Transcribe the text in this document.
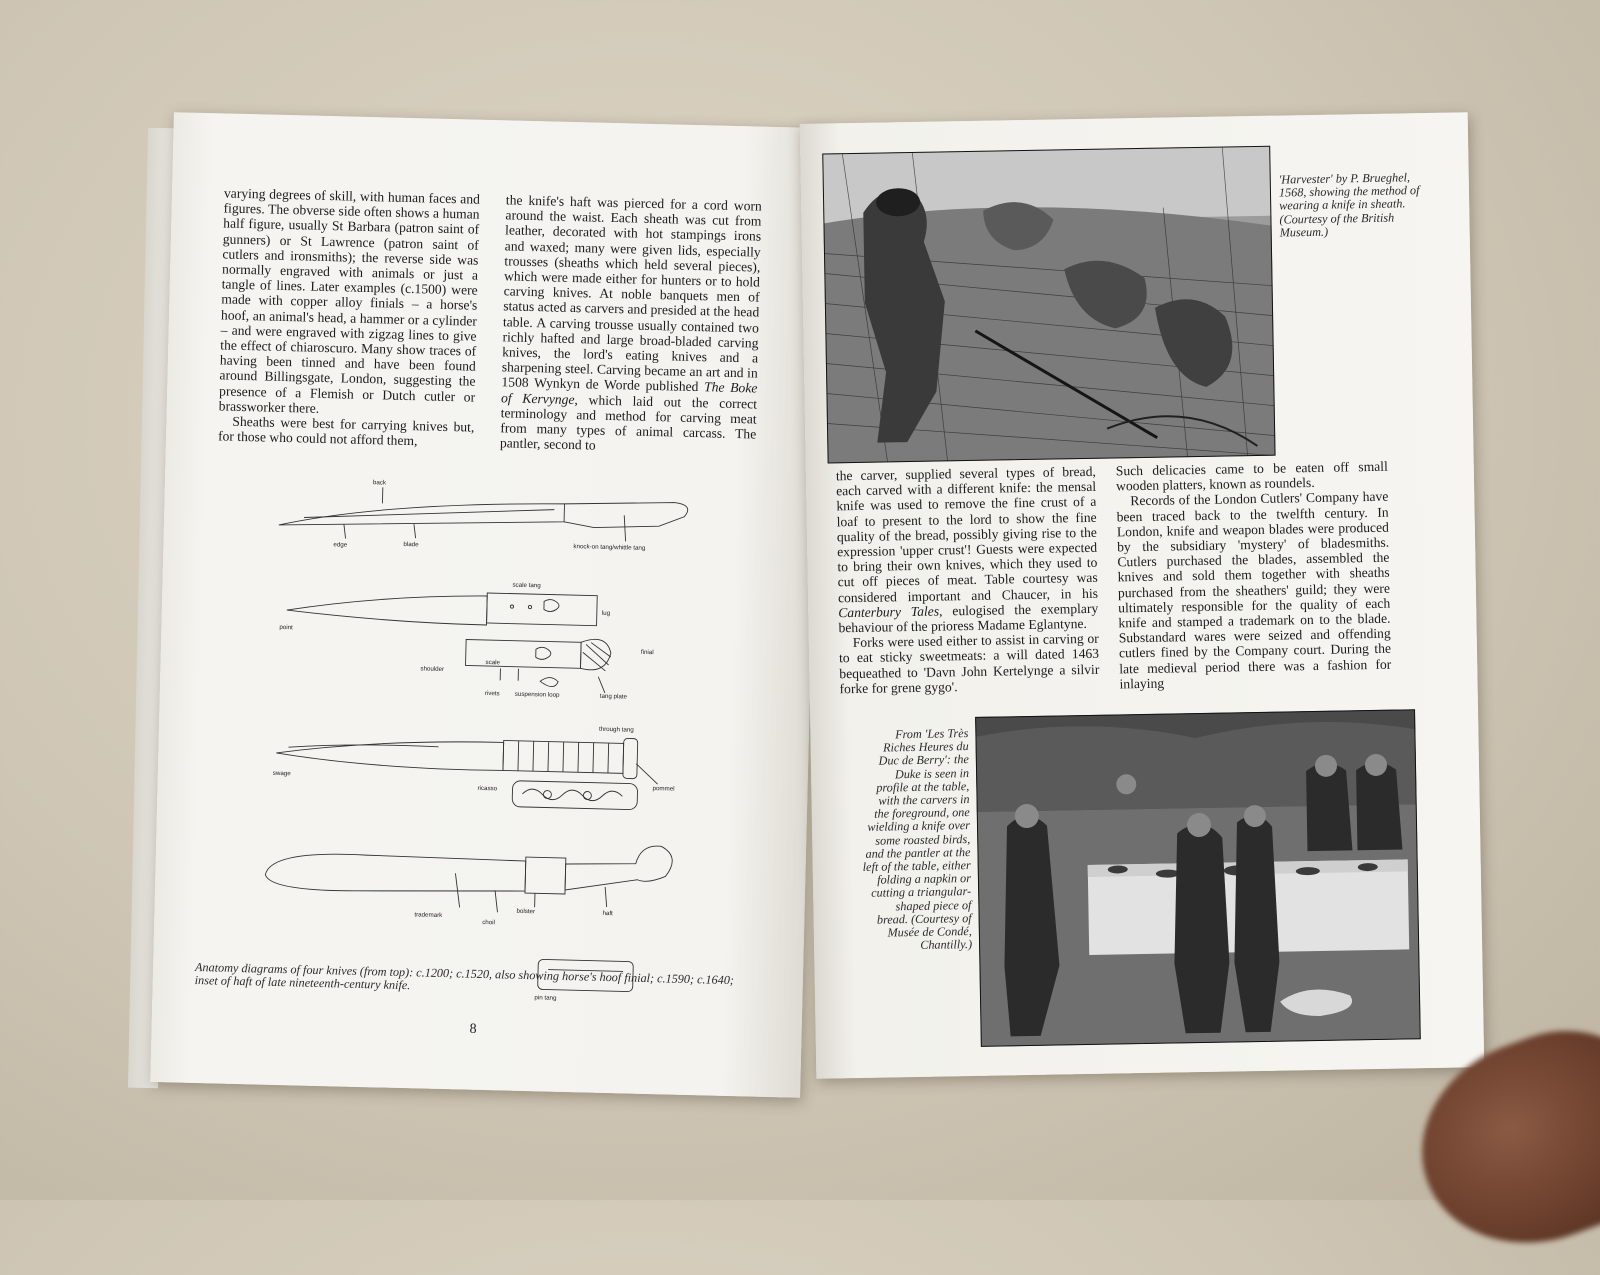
varying degrees of skill, with human faces and figures. The obverse side often shows a human half figure, usually St Barbara (patron saint of gunners) or St Lawrence (patron saint of cutlers and ironsmiths); the reverse side was normally engraved with animals or just a tangle of lines. Later examples (c.1500) were made with copper alloy finials – a horse's hoof, an animal's head, a hammer or a cylinder – and were engraved with zigzag lines to give the effect of chiaroscuro. Many show traces of having been tinned and have been found around Billingsgate, London, suggesting the presence of a Flemish or Dutch cutler or brassworker there.

Sheaths were best for carrying knives but, for those who could not afford them,

the knife's haft was pierced for a cord worn around the waist. Each sheath was cut from leather, decorated with hot stampings irons and waxed; many were given lids, especially trousses (sheaths which held several pieces), which were made either for hunters or to hold carving knives. At noble banquets men of status acted as carvers and presided at the head table. A carving trousse usually contained two richly hafted and large broad-bladed carving knives, the lord's eating knives and a sharpening steel. Carving became an art and in 1508 Wynkyn de Worde published The Boke of Kervynge, which laid out the correct terminology and method for carving meat from many types of animal carcass. The pantler, second to

back
edge	blade	knock-on tang/whittle tang
scale tang
lug
point
finial
shoulder
scale
rivets suspension loop	tang plate
through tang
swage
ricasso	pommel
trademark
choil
bolster	haft
pin tang
Anatomy diagrams of four knives (from top): c.1200; c.1520, also showing horse's hoof finial; c.1590; c.1640; inset of haft of late nineteenth-century knife.
8
'Harvester' by P. Brueghel, 1568, showing the method of wearing a knife in sheath. (Courtesy of the British Museum.)

the carver, supplied several types of bread, each carved with a different knife: the mensal knife was used to remove the fine crust of a loaf to present to the lord to show the fine quality of the bread, possibly giving rise to the expression 'upper crust'! Guests were expected to bring their own knives, which they used to cut off pieces of meat. Table courtesy was considered important and Chaucer, in his Canterbury Tales, eulogised the exemplary behaviour of the prioress Madame Eglantyne.

Forks were used either to assist in carving or to eat sticky sweetmeats: a will dated 1463 bequeathed to 'Davn John Kertelynge a silvir forke for grene gygo'.

Such delicacies came to be eaten off small wooden platters, known as roundels.

Records of the London Cutlers' Company have been traced back to the twelfth century. In London, knife and weapon blades were produced by the subsidiary 'mystery' of bladesmiths. Cutlers purchased the blades, assembled the knives and sold them together with sheaths purchased from the sheathers' guild; they were ultimately responsible for the quality of each knife and stamped a trademark on to the blade. Substandard wares were seized and offending cutlers fined by the Company court. During the late medieval period there was a fashion for inlaying

From 'Les Très Riches Heures du Duc de Berry': the Duke is seen in profile at the table, with the carvers in the foreground, one wielding a knife over some roasted birds, and the pantler at the left of the table, either folding a napkin or cutting a triangular-shaped piece of bread. (Courtesy of Musée de Condé, Chantilly.)
